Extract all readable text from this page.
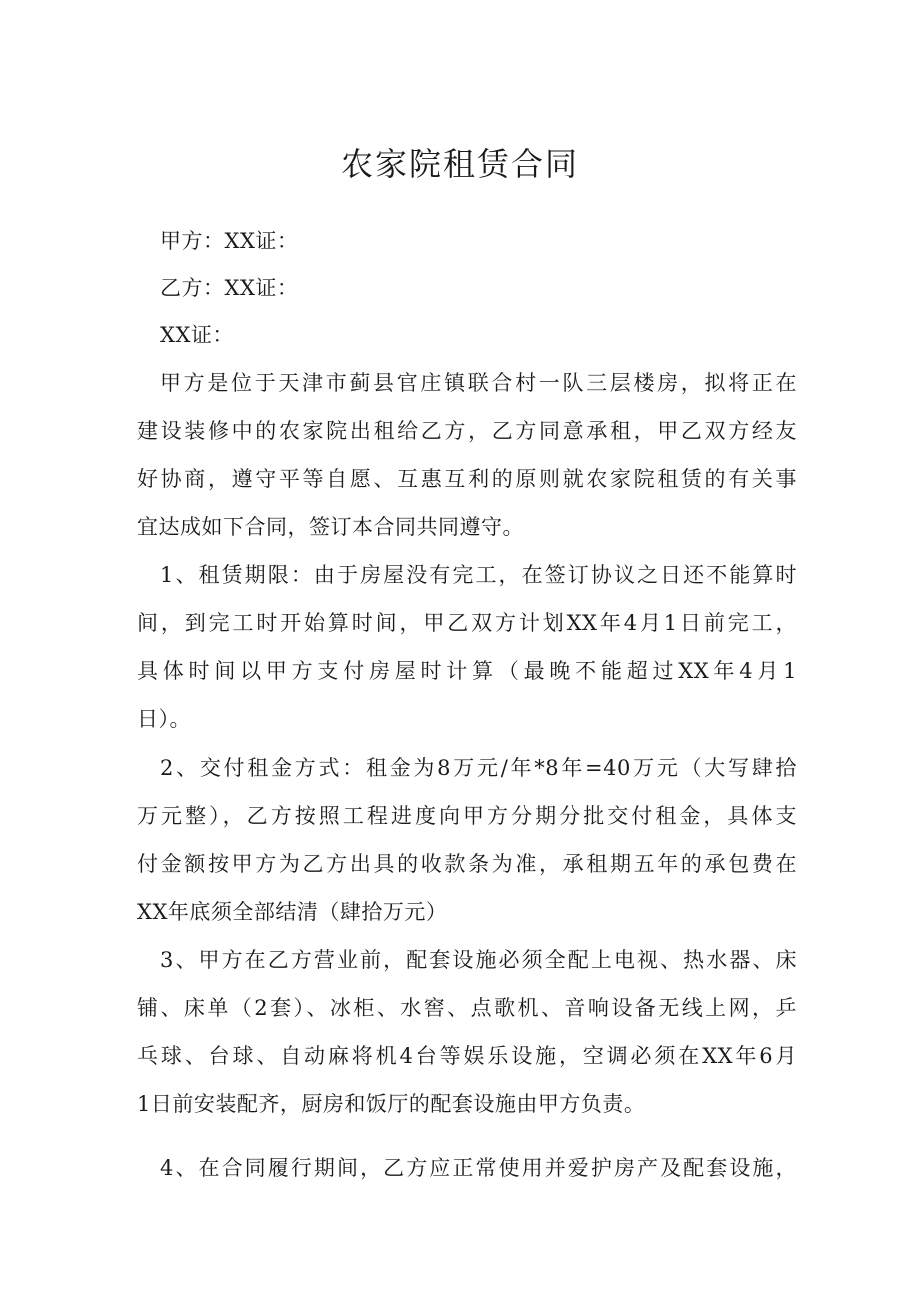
农家院租赁合同
甲方：XX证：
乙方：XX证：
XX证：
甲方是位于天津市蓟县官庄镇联合村一队三层楼房，拟将正在
建设装修中的农家院出租给乙方，乙方同意承租，甲乙双方经友
好协商，遵守平等自愿、互惠互利的原则就农家院租赁的有关事
宜达成如下合同，签订本合同共同遵守。
1、租赁期限：由于房屋没有完工，在签订协议之日还不能算时
间，到完工时开始算时间，甲乙双方计划XX年4月1日前完工，
具体时间以甲方支付房屋时计算（最晚不能超过XX年4月1
日）。
2、交付租金方式：租金为8万元/年*8年=40万元（大写肆拾
万元整），乙方按照工程进度向甲方分期分批交付租金，具体支
付金额按甲方为乙方出具的收款条为准，承租期五年的承包费在
XX年底须全部结清（肆拾万元）
3、甲方在乙方营业前，配套设施必须全配上电视、热水器、床
铺、床单（2套）、冰柜、水窖、点歌机、音响设备无线上网，乒
乓球、台球、自动麻将机4台等娱乐设施，空调必须在XX年6月
1日前安装配齐，厨房和饭厅的配套设施由甲方负责。
4、在合同履行期间，乙方应正常使用并爱护房产及配套设施，
